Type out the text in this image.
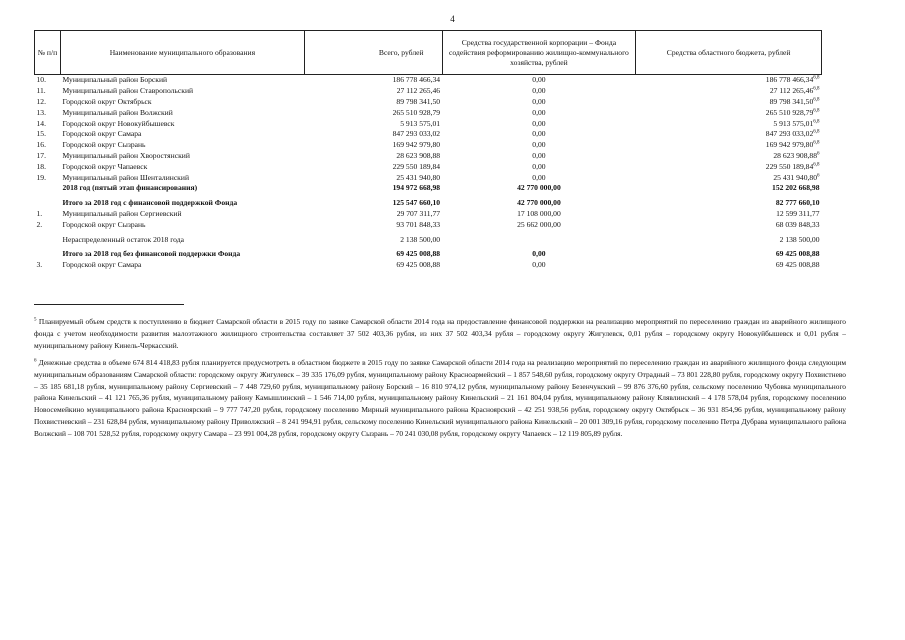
4
№ п/п	Наименование муниципального образования	Всего, рублей	Средства государственной корпорации – Фонда содействия реформированию жилищно-коммунального хозяйства, рублей	Средства областного бюджета, рублей
10.	Муниципальный район Борский	186 778 466,34	0,00	186 778 466,34$^{6,8}$
11.	Муниципальный район Ставропольский	27 112 265,46	0,00	27 112 265,46$^{6,8}$
12.	Городской округ Октябрьск	89 798 341,50	0,00	89 798 341,50$^{6,8}$
13.	Муниципальный район Волжский	265 510 928,79	0,00	265 510 928,79$^{6,8}$
14.	Городской округ Новокуйбышевск	5 913 575,01	0,00	5 913 575,01$^{6,8}$
15.	Городской округ Самара	847 293 033,02	0,00	847 293 033,02$^{6,8}$
16.	Городской округ Сызрань	169 942 979,80	0,00	169 942 979,80$^{6,8}$
17.	Муниципальный район Хворостянский	28 623 908,88	0,00	28 623 908,88$^6$
18.	Городской округ Чапаевск	229 550 189,84	0,00	229 550 189,84$^{6,8}$
19.	Муниципальный район Шенталинский	25 431 940,80	0,00	25 431 940,80$^6$
	2018 год (пятый этап финансирования)	194 972 668,98	42 770 000,00	152 202 668,98

	Итого за 2018 год с финансовой поддержкой Фонда	125 547 660,10	42 770 000,00	82 777 660,10
1.	Муниципальный район Сергиевский	29 707 311,77	17 108 000,00	12 599 311,77
2.	Городской округ Сызрань	93 701 848,33	25 662 000,00	68 039 848,33

	Нераспределенный остаток 2018 года	2 138 500,00		2 138 500,00

	Итого за 2018 год без финансовой поддержки Фонда	69 425 008,88	0,00	69 425 008,88
3.	Городской округ Самара	69 425 008,88	0,00	69 425 008,88
$^5$ Планируемый объем средств к поступлению в бюджет Самарской области в 2015 году по заявке Самарской области 2014 года на предоставление финансовой поддержки на реализацию мероприятий по переселению граждан из аварийного жилищного фонда с учетом необходимости развития малоэтажного жилищного строительства составляет 37 502 403,36 рубля, из них 37 502 403,34 рубля – городскому округу Жигулевск, 0,01 рубля – городскому округу Новокуйбышевск и 0,01 рубля – муниципальному району Кинель-Черкасский.
$^6$ Денежные средства в объеме 674 814 418,83 рубля планируется предусмотреть в областном бюджете в 2015 году по заявке Самарской области 2014 года на реализацию мероприятий по переселению граждан из аварийного жилищного фонда следующим муниципальным образованиям Самарской области: городскому округу Жигулевск – 39 335 176,09 рубля, муниципальному району Красноармейский – 1 857 548,60 рубля, городскому округу Отрадный – 73 801 228,80 рубля, городскому округу Похвистнево – 35 185 681,18 рубля, муниципальному району Сергиевский – 7 448 729,60 рубля, муниципальному району Борский – 16 810 974,12 рубля, муниципальному району Безенчукский – 99 876 376,60 рубля, сельскому поселению Чубовка муниципального района Кинельский – 41 121 765,36 рубля, муниципальному району Камышлинский – 1 546 714,00 рубля, муниципальному району Кинельский – 21 161 804,04 рубля, муниципальному району Клявлинский – 4 178 578,04 рубля, городскому поселению Новосемейкино муниципального района Красноярский – 9 777 747,20 рубля, городскому поселению Мирный муниципального района Красноярский – 42 251 938,56 рубля, городскому округу Октябрьск – 36 931 854,96 рубля, муниципальному району Похвистневский – 231 628,84 рубля, муниципальному району Приволжский – 8 241 994,91 рубля, сельскому поселению Кинельский муниципального района Кинельский – 20 001 309,16 рубля, городскому поселению Петра Дубрава муниципального района Волжский – 108 701 528,52 рубля, городскому округу Самара – 23 991 004,28 рубля, городскому округу Сызрань – 70 241 030,08 рубля, городскому округу Чапаевск – 12 119 805,89 рубля.
